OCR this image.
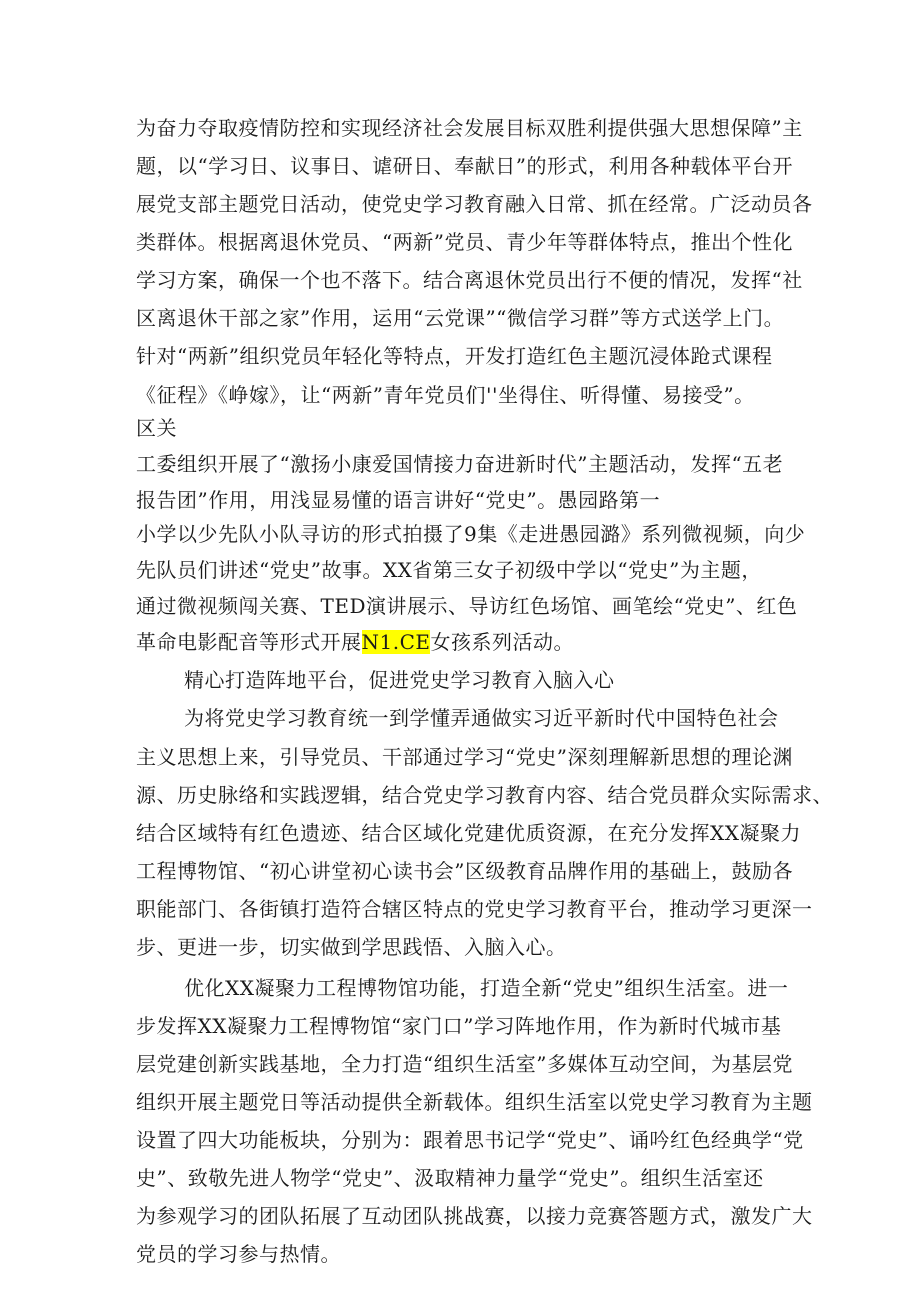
为奋力夺取疫情防控和实现经济社会发展目标双胜利提供强大思想保障”主
题，以“学习日、议事日、谑研日、奉献日”的形式，利用各种载体平台开
展党支部主题党日活动，使党史学习教育融入日常、抓在经常。广泛动员各
类群体。根据离退休党员、“两新”党员、青少年等群体特点，推出个性化
学习方案，确保一个也不落下。结合离退休党员出行不便的情况，发挥“社
区离退休干部之家”作用，运用“云党课”“微信学习群”等方式送学上门。
针对“两新”组织党员年轻化等特点，开发打造红色主题沉浸体跄式课程
《征程》《峥嫁》，让“两新”青年党员们''坐得住、听得懂、易接受”。
区关
工委组织开展了“激扬小康爱国情接力奋进新时代”主题活动，发挥“五老
报告团”作用，用浅显易懂的语言讲好“党史”。愚园路第一
小学以少先队小队寻访的形式拍摄了9集《走进愚园潞》系列微视频，向少
先队员们讲述“党史”故事。XX省第三女子初级中学以“党史”为主题，
通过微视频闯关赛、TED演讲展示、导访红色场馆、画笔绘“党史”、红色
革命电影配音等形式开展N1.CE女孩系列活动。
精心打造阵地平台，促进党史学习教育入脑入心
为将党史学习教育统一到学懂弄通做实习近平新时代中国特色社会
主义思想上来，引导党员、干部通过学习“党史”深刻理解新思想的理论渊
源、历史脉络和实践逻辑，结合党史学习教育内容、结合党员群众实际需求、
结合区域特有红色遗迹、结合区域化党建优质资源，在充分发挥XX凝聚力
工程博物馆、“初心讲堂初心读书会”区级教育品牌作用的基础上，鼓励各
职能部门、各街镇打造符合辖区特点的党史学习教育平台，推动学习更深一
步、更进一步，切实做到学思践悟、入脑入心。
优化XX凝聚力工程博物馆功能，打造全新“党史”组织生活室。进一
步发挥XX凝聚力工程博物馆“家门口”学习阵地作用，作为新时代城市基
层党建创新实践基地，全力打造“组织生活室”多媒体互动空间，为基层党
组织开展主题党日等活动提供全新载体。组织生活室以党史学习教育为主题
设置了四大功能板块，分别为：跟着思书记学“党史”、诵吟红色经典学“党
史”、致敬先进人物学“党史”、汲取精神力量学“党史”。组织生活室还
为参观学习的团队拓展了互动团队挑战赛，以接力竞赛答题方式，激发广大
党员的学习参与热情。
